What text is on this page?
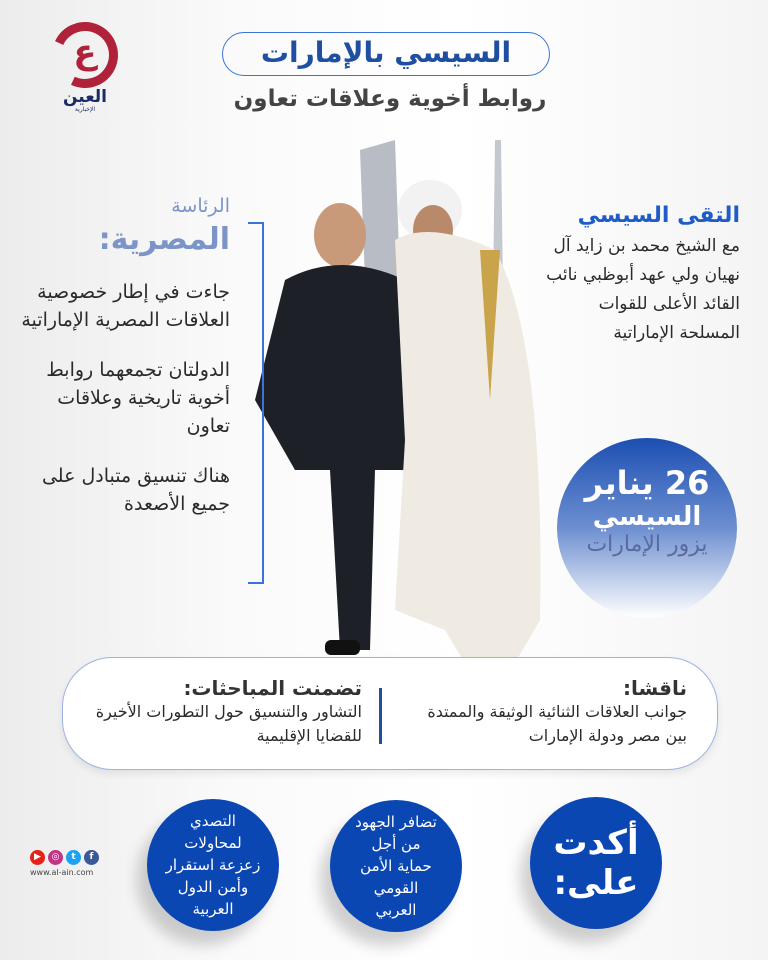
ع
العين
الإخبارية
السيسي بالإمارات
روابط أخوية وعلاقات تعاون
الرئاسة
المصرية:

جاءت في إطار خصوصية العلاقات المصرية الإماراتية

الدولتان تجمعهما روابط أخوية تاريخية وعلاقات تعاون

هناك تنسيق متبادل على جميع الأصعدة

التقى السيسي
مع الشيخ محمد بن زايد آل نهيان ولي عهد أبوظبي نائب القائد الأعلى للقوات المسلحة الإماراتية
26 يناير
السيسي
يزور الإمارات
ناقشا:
جوانب العلاقات الثنائية الوثيقة والممتدة بين مصر ودولة الإمارات
تضمنت المباحثات:
التشاور والتنسيق حول التطورات الأخيرة للقضايا الإقليمية
أكدت على:
تضافر الجهود من أجل حماية الأمن القومي العربي
التصدي لمحاولات زعزعة استقرار وأمن الدول العربية
▶	◎	t	f
www.al-ain.com
